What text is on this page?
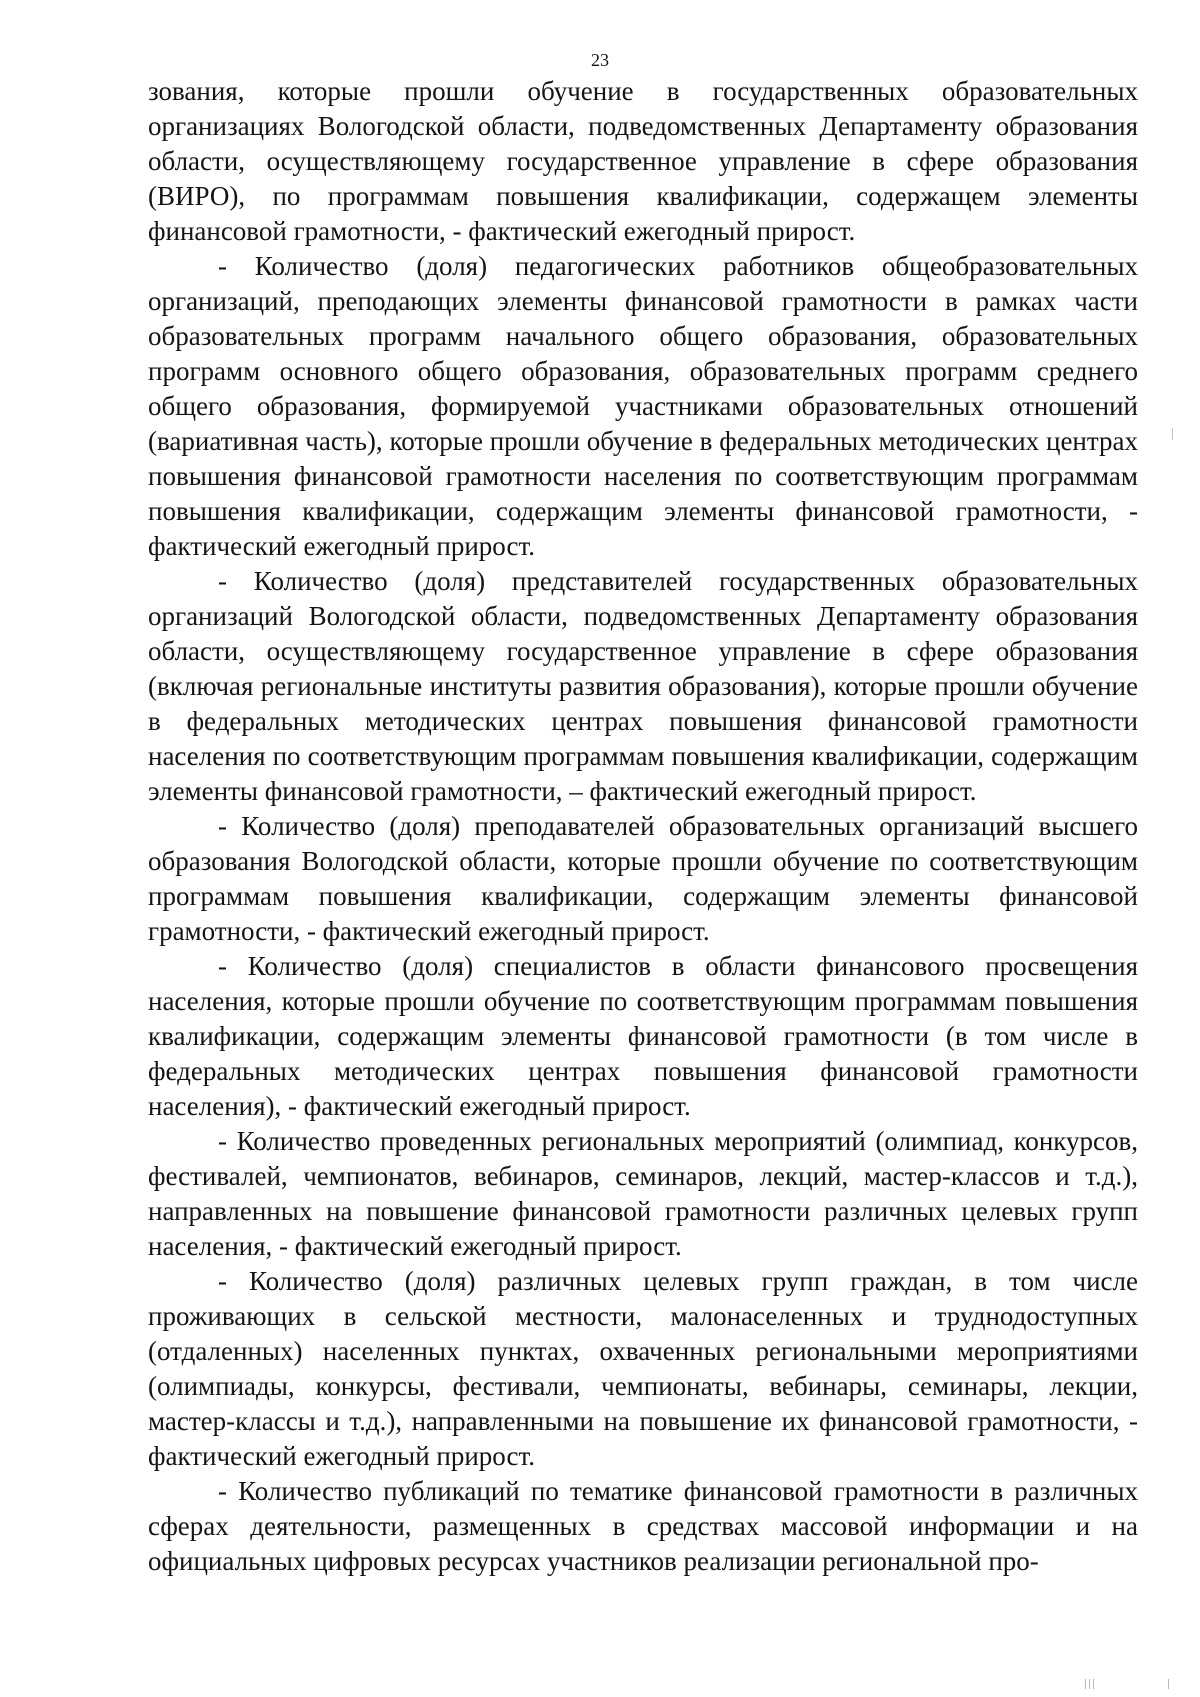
23

зования, которые прошли обучение в государственных образовательных организациях Вологодской области, подведомственных Департаменту образования области, осуществляющему государственное управление в сфере образования (ВИРО), по программам повышения квалификации, содержащем элементы финансовой грамотности, - фактический ежегодный прирост.

- Количество (доля) педагогических работников общеобразовательных организаций, преподающих элементы финансовой грамотности в рамках части образовательных программ начального общего образования, образовательных программ основного общего образования, образовательных программ среднего общего образования, формируемой участниками образовательных отношений (вариативная часть), которые прошли обучение в федеральных методических центрах повышения финансовой грамотности населения по соответствующим программам повышения квалификации, содержащим элементы финансовой грамотности, - фактический ежегодный прирост.

- Количество (доля) представителей государственных образовательных организаций Вологодской области, подведомственных Департаменту образования области, осуществляющему государственное управление в сфере образования (включая региональные институты развития образования), которые прошли обучение в федеральных методических центрах повышения финансовой грамотности населения по соответствующим программам повышения квалификации, содержащим элементы финансовой грамотности, – фактический ежегодный прирост.

- Количество (доля) преподавателей образовательных организаций высшего образования Вологодской области, которые прошли обучение по соответствующим программам повышения квалификации, содержащим элементы финансовой грамотности, - фактический ежегодный прирост.

- Количество (доля) специалистов в области финансового просвещения населения, которые прошли обучение по соответствующим программам повышения квалификации, содержащим элементы финансовой грамотности (в том числе в федеральных методических центрах повышения финансовой грамотности населения), - фактический ежегодный прирост.

- Количество проведенных региональных мероприятий (олимпиад, конкурсов, фестивалей, чемпионатов, вебинаров, семинаров, лекций, мастер-классов и т.д.), направленных на повышение финансовой грамотности различных целевых групп населения, - фактический ежегодный прирост.

- Количество (доля) различных целевых групп граждан, в том числе проживающих в сельской местности, малонаселенных и труднодоступных (отдаленных) населенных пунктах, охваченных региональными мероприятиями (олимпиады, конкурсы, фестивали, чемпионаты, вебинары, семинары, лекции, мастер-классы и т.д.), направленными на повышение их финансовой грамотности, - фактический ежегодный прирост.

- Количество публикаций по тематике финансовой грамотности в различных сферах деятельности, размещенных в средствах массовой информации и на официальных цифровых ресурсах участников реализации региональной про-
